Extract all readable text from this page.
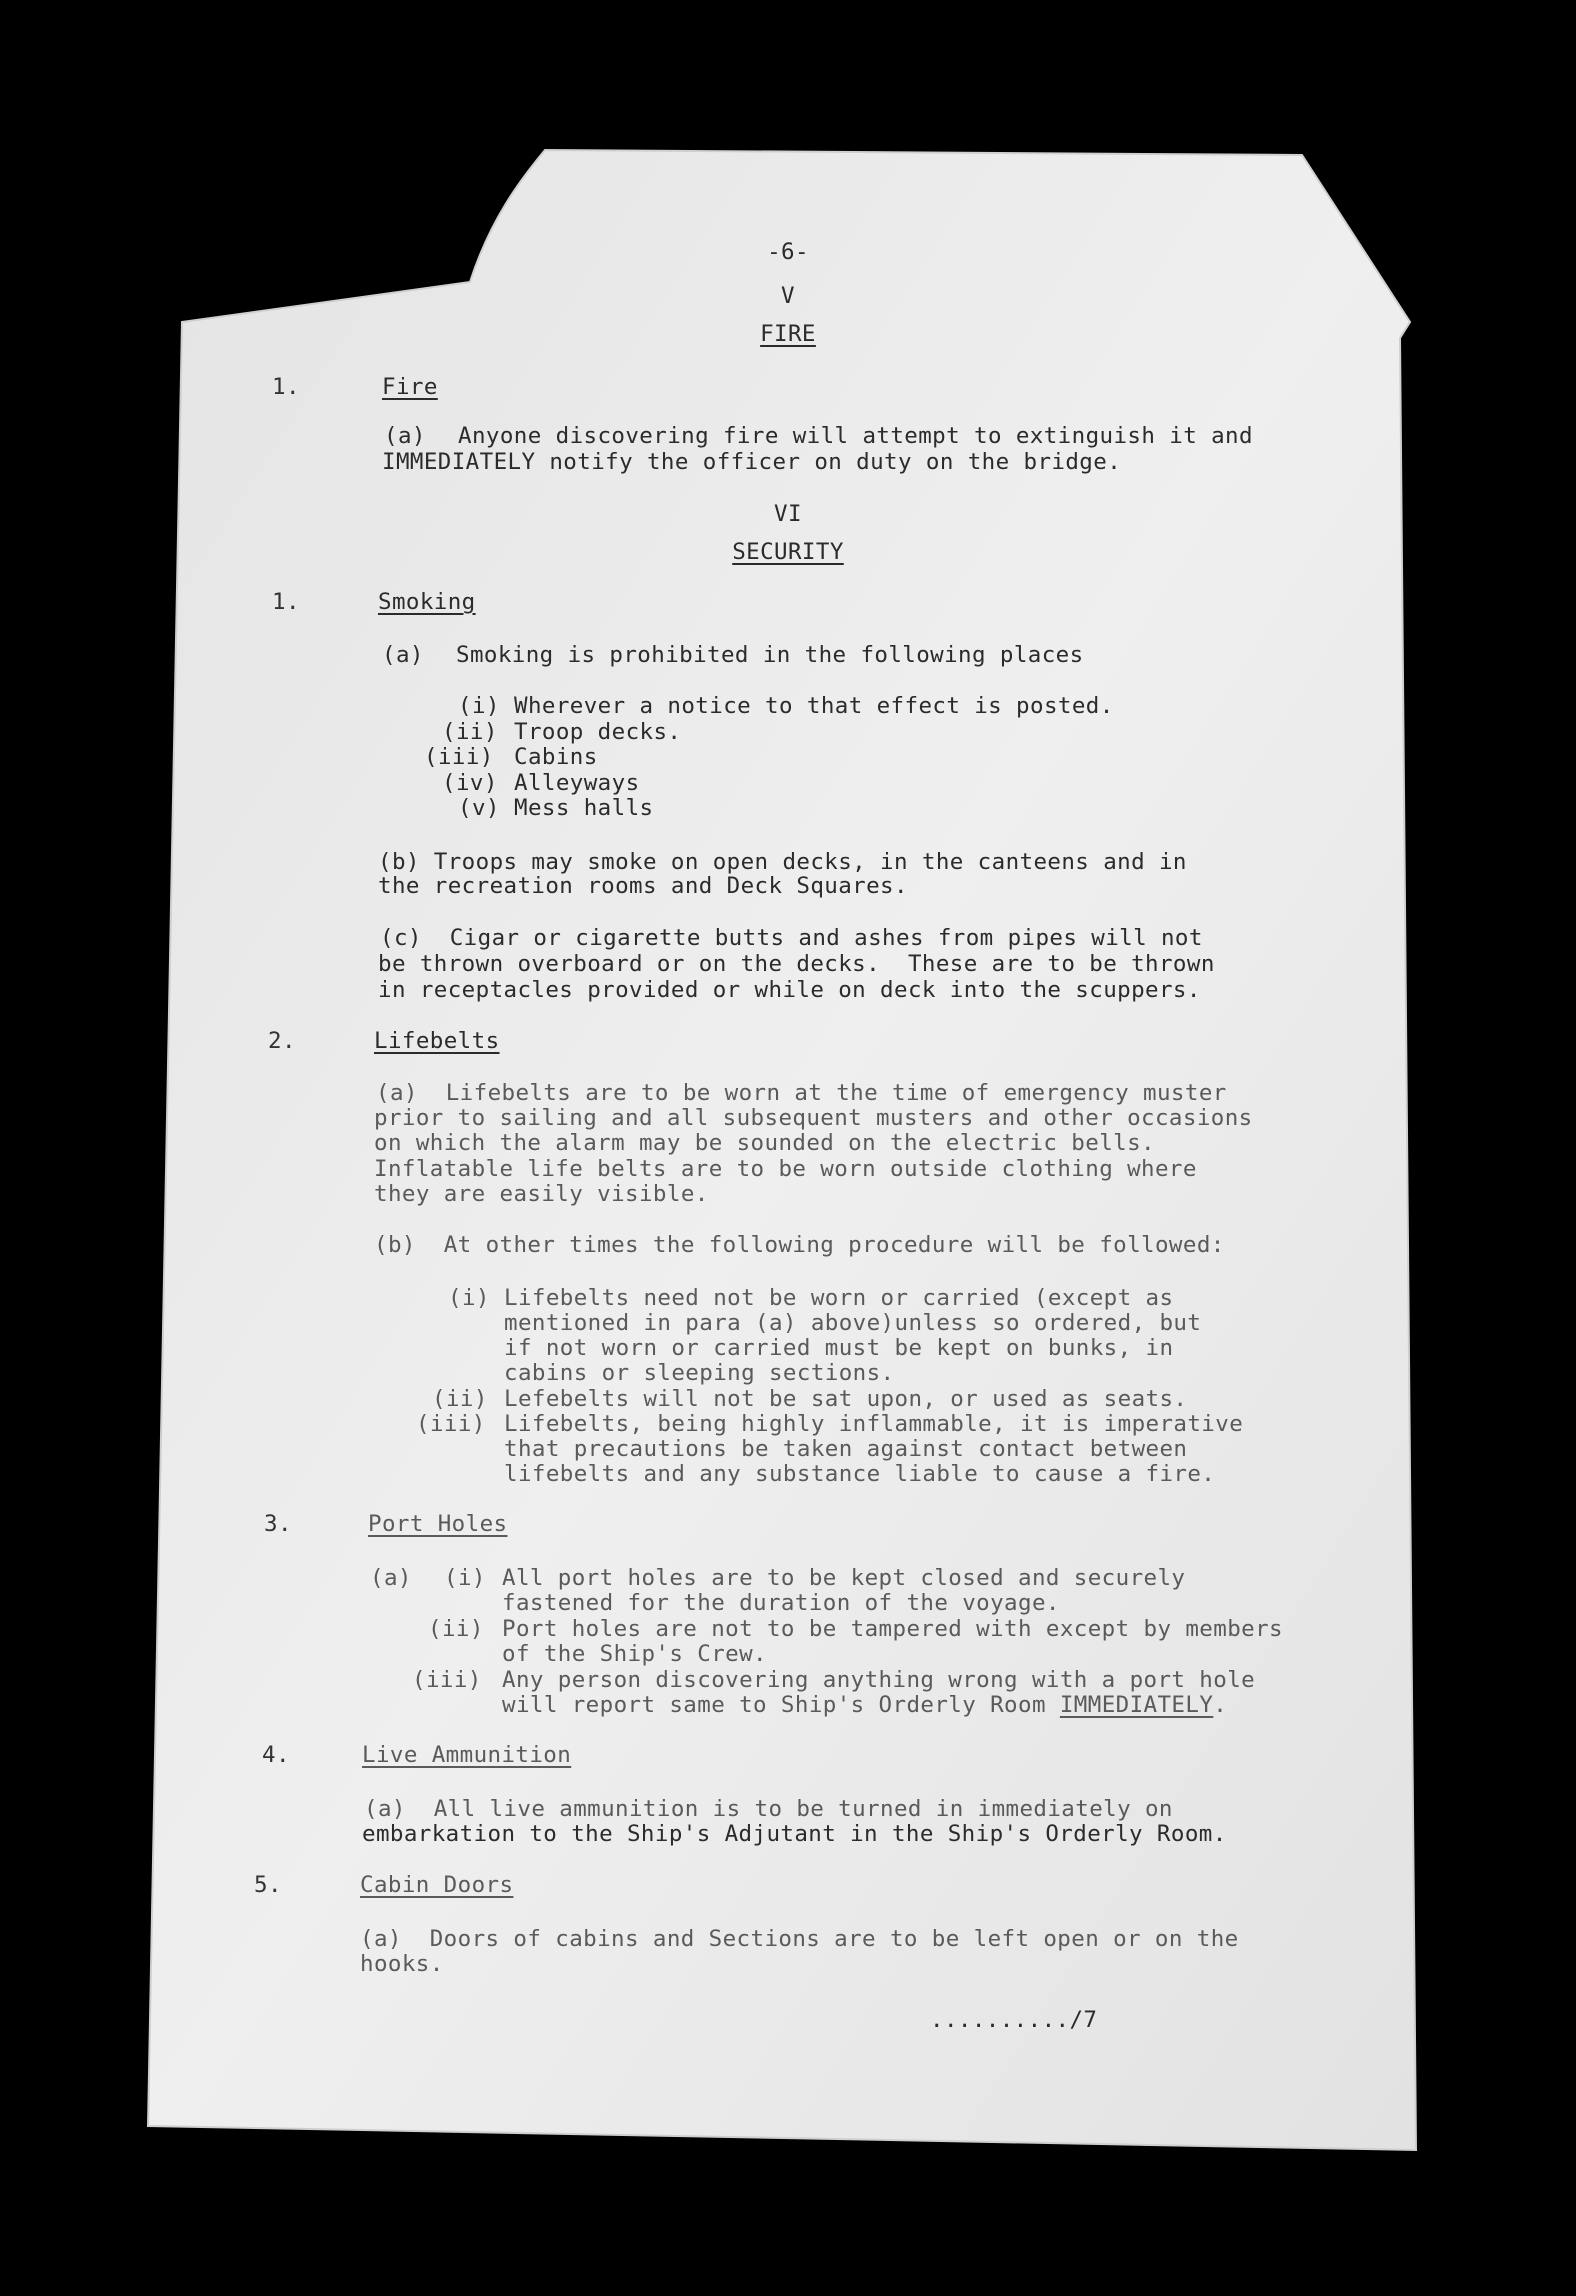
-6-
V
FIRE
1.	Fire
(a) Anyone discovering fire will attempt to extinguish it and
IMMEDIATELY notify the officer on duty on the bridge.
VI
SECURITY
1.	Smoking
(a) Smoking is prohibited in the following places
(i) Wherever a notice to that effect is posted.
(ii) Troop decks.
(iii) Cabins
(iv) Alleyways
(v) Mess halls
(b) Troops may smoke on open decks, in the canteens and in
the recreation rooms and Deck Squares.
(c)  Cigar or cigarette butts and ashes from pipes will not
be thrown overboard or on the decks.  These are to be thrown
in receptacles provided or while on deck into the scuppers.
2.	Lifebelts
(a)  Lifebelts are to be worn at the time of emergency muster
prior to sailing and all subsequent musters and other occasions
on which the alarm may be sounded on the electric bells.
Inflatable life belts are to be worn outside clothing where
they are easily visible.
(b)  At other times the following procedure will be followed:
(i) Lifebelts need not be worn or carried (except as
mentioned in para (a) above)unless so ordered, but
if not worn or carried must be kept on bunks, in
cabins or sleeping sections.
(ii) Lefebelts will not be sat upon, or used as seats.
(iii) Lifebelts, being highly inflammable, it is imperative
that precautions be taken against contact between
lifebelts and any substance liable to cause a fire.
3.	Port Holes
(a) (i) All port holes are to be kept closed and securely
fastened for the duration of the voyage.
(ii) Port holes are not to be tampered with except by members
of the Ship's Crew.
(iii) Any person discovering anything wrong with a port hole
will report same to Ship's Orderly Room IMMEDIATELY.
4.	Live Ammunition
(a)  All live ammunition is to be turned in immediately on
embarkation to the Ship's Adjutant in the Ship's Orderly Room.
5.	Cabin Doors
(a)  Doors of cabins and Sections are to be left open or on the
hooks.
........../7
